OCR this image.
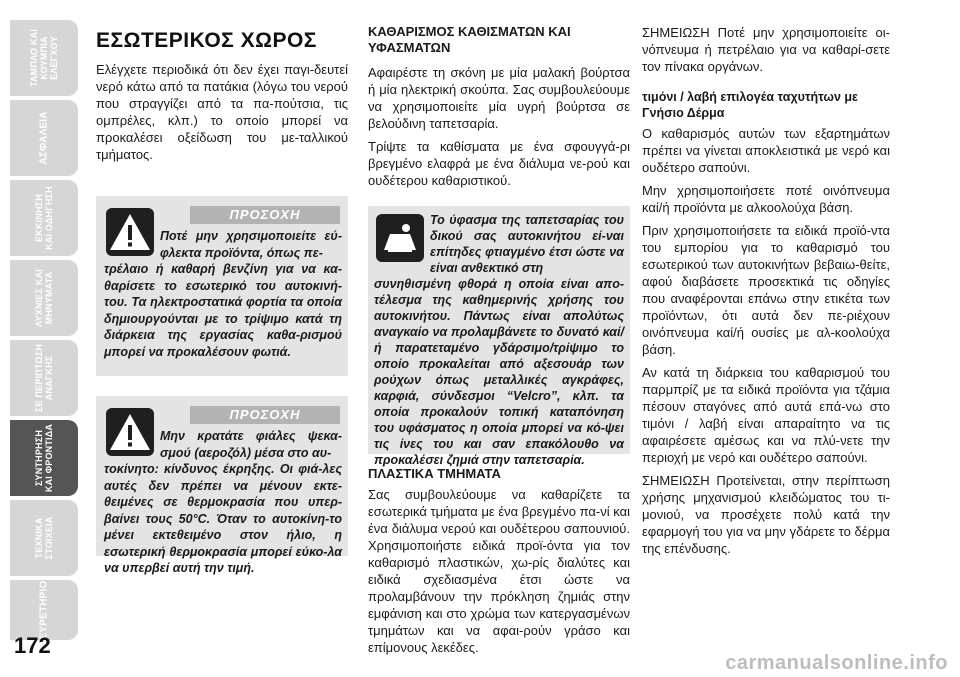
ΤΑΜΠΛΟ ΚΑΙ
ΚΟΥΜΠΙΑ
ΕΛΕΓΧΟΥ
ΑΣΦΑΛΕΙΑ
ΕΚΚΙΝΗΣΗ
ΚΑΙ ΟΔΗΓΗΣΗ
ΛΥΧΝΙΕΣ ΚΑΙ
ΜΗΝΥΜΑΤΑ
ΣΕ ΠΕΡΙΠΤΩΣΗ
ΑΝΑΓΚΗΣ
ΣΥΝΤΗΡΗΣΗ
ΚΑΙ ΦΡΟΝΤΙΔΑ
ΤΕΧΝΙΚΑ
ΣΤΟΙΧΕΙΑ
ΕΥΡΕΤΗΡΙΟ
172
ΕΣΩΤΕΡΙΚΟΣ ΧΩΡΟΣ

Ελέγχετε περιοδικά ότι δεν έχει παγι-δευτεί νερό κάτω από τα πατάκια (λόγω του νερού που στραγγίζει από τα πα-πούτσια, τις ομπρέλες, κλπ.) το οποίο μπορεί να προκαλέσει οξείδωση του με-ταλλικού τμήματος.

ΠΡΟΣΟΧΗ

Ποτέ μην χρησιμοποιείτε εύ-φλεκτα προϊόντα, όπως πε-

τρέλαιο ή καθαρή βενζίνη για να κα-θαρίσετε το εσωτερικό του αυτοκινή-του. Τα ηλεκτροστατικά φορτία τα οποία δημιουργούνται με το τρίψιμο κατά τη διάρκεια της εργασίας καθα-ρισμού μπορεί να προκαλέσουν φωτιά.

ΠΡΟΣΟΧΗ

Μην κρατάτε φιάλες ψεκα-σμού (αεροζόλ) μέσα στο αυ-

τοκίνητο: κίνδυνος έκρηξης. Οι φιά-λες αυτές δεν πρέπει να μένουν εκτε-θειμένες σε θερμοκρασία που υπερ-βαίνει τους 50°C. Όταν το αυτοκίνη-το μένει εκτεθειμένο στον ήλιο, η εσωτερική θερμοκρασία μπορεί εύκο-λα να υπερβεί αυτή την τιμή.

ΚΑΘΑΡΙΣΜΟΣ ΚΑΘΙΣΜΑΤΩΝ ΚΑΙ ΥΦΑΣΜΑΤΩΝ

Αφαιρέστε τη σκόνη με μία μαλακή βούρτσα ή μία ηλεκτρική σκούπα. Σας συμβουλεύουμε να χρησιμοποιείτε μία υγρή βούρτσα σε βελούδινη ταπετσαρία.

Τρίψτε τα καθίσματα με ένα σφουγγά-ρι βρεγμένο ελαφρά με ένα διάλυμα νε-ρού και ουδέτερου καθαριστικού.

Το ύφασμα της ταπετσαρίας του δικού σας αυτοκινήτου εί-ναι επίτηδες φτιαγμένο έτσι ώστε να είναι ανθεκτικό στη

συνηθισμένη φθορά η οποία είναι απο-τέλεσμα της καθημερινής χρήσης του αυτοκινήτου. Πάντως είναι απολύτως αναγκαίο να προλαμβάνετε το δυνατό καί/ή παρατεταμένο γδάρσιμο/τρίψιμο το οποίο προκαλείται από αξεσουάρ των ρούχων όπως μεταλλικές αγκράφες, καρφιά, σύνδεσμοι “Velcro”, κλπ. τα οποία προκαλούν τοπική καταπόνηση του υφάσματος η οποία μπορεί να κό-ψει τις ίνες του και σαν επακόλουθο να προκαλέσει ζημιά στην ταπετσαρία.

ΠΛΑΣΤΙΚΑ ΤΜΗΜΑΤΑ

Σας συμβουλεύουμε να καθαρίζετε τα εσωτερικά τμήματα με ένα βρεγμένο πα-νί και ένα διάλυμα νερού και ουδέτερου σαπουνιού. Χρησιμοποιήστε ειδικά προϊ-όντα για τον καθαρισμό πλαστικών, χω-ρίς διαλύτες και ειδικά σχεδιασμένα έτσι ώστε να προλαμβάνουν την πρόκληση ζημιάς στην εμφάνιση και στο χρώμα των κατεργασμένων τμημάτων και να αφαι-ρούν γράσο και επίμονους λεκέδες.

ΣΗΜΕΙΩΣΗ Ποτέ μην χρησιμοποιείτε οι-νόπνευμα ή πετρέλαιο για να καθαρί-σετε τον πίνακα οργάνων.

τιμόνι / λαβή επιλογέα ταχυτήτων με Γνήσιο Δέρμα

Ο καθαρισμός αυτών των εξαρτημάτων πρέπει να γίνεται αποκλειστικά με νερό και ουδέτερο σαπούνι.

Μην χρησιμοποιήσετε ποτέ οινόπνευμα καί/ή προϊόντα με αλκοολούχα βάση.

Πριν χρησιμοποιήσετε τα ειδικά προϊό-ντα του εμπορίου για το καθαρισμό του εσωτερικού των αυτοκινήτων βεβαιω-θείτε, αφού διαβάσετε προσεκτικά τις οδηγίες που αναφέρονται επάνω στην ετικέτα των προϊόντων, ότι αυτά δεν πε-ριέχουν οινόπνευμα καί/ή ουσίες με αλ-κοολούχα βάση.

Αν κατά τη διάρκεια του καθαρισμού του παρμπρίζ με τα ειδικά προϊόντα για τζάμια πέσουν σταγόνες από αυτά επά-νω στο τιμόνι / λαβή είναι απαραίτητο να τις αφαιρέσετε αμέσως και να πλύ-νετε την περιοχή με νερό και ουδέτερο σαπούνι.

ΣΗΜΕΙΩΣΗ Προτείνεται, στην περίπτωση χρήσης μηχανισμού κλειδώματος του τι-μονιού, να προσέχετε πολύ κατά την εφαρμογή του για να μην γδάρετε το δέρμα της επένδυσης.

carmanualsonline.info
